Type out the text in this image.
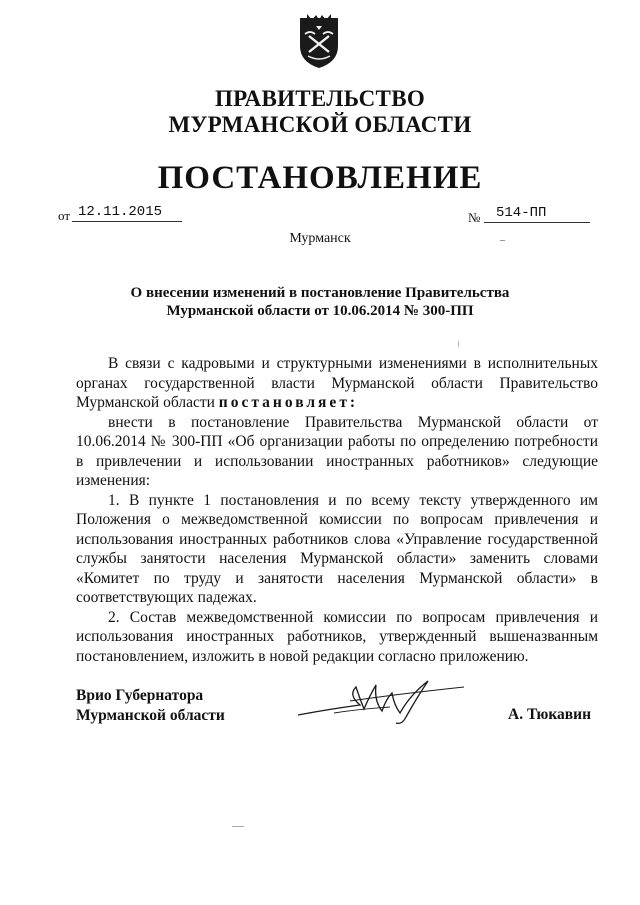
ПРАВИТЕЛЬСТВО
МУРМАНСКОЙ ОБЛАСТИ
ПОСТАНОВЛЕНИЕ
от 12.11.2015	№	514-ПП
Мурманск
О внесении изменений в постановление Правительства
Мурманской области от 10.06.2014 № 300-ПП

В связи с кадровыми и структурными изменениями в исполнительных органах государственной власти Мурманской области Правительство Мурманской области постановляет:

внести в постановление Правительства Мурманской области от 10.06.2014 № 300-ПП «Об организации работы по определению потребности в привлечении и использовании иностранных работников» следующие изменения:

1. В пункте 1 постановления и по всему тексту утвержденного им Положения о межведомственной комиссии по вопросам привлечения и использования иностранных работников слова «Управление государственной службы занятости населения Мурманской области» заменить словами «Комитет по труду и занятости населения Мурманской области» в соответствующих падежах.

2. Состав межведомственной комиссии по вопросам привлечения и использования иностранных работников, утвержденный вышеназванным постановлением, изложить в новой редакции согласно приложению.

Врио Губернатора
Мурманской области	А. Тюкавин
